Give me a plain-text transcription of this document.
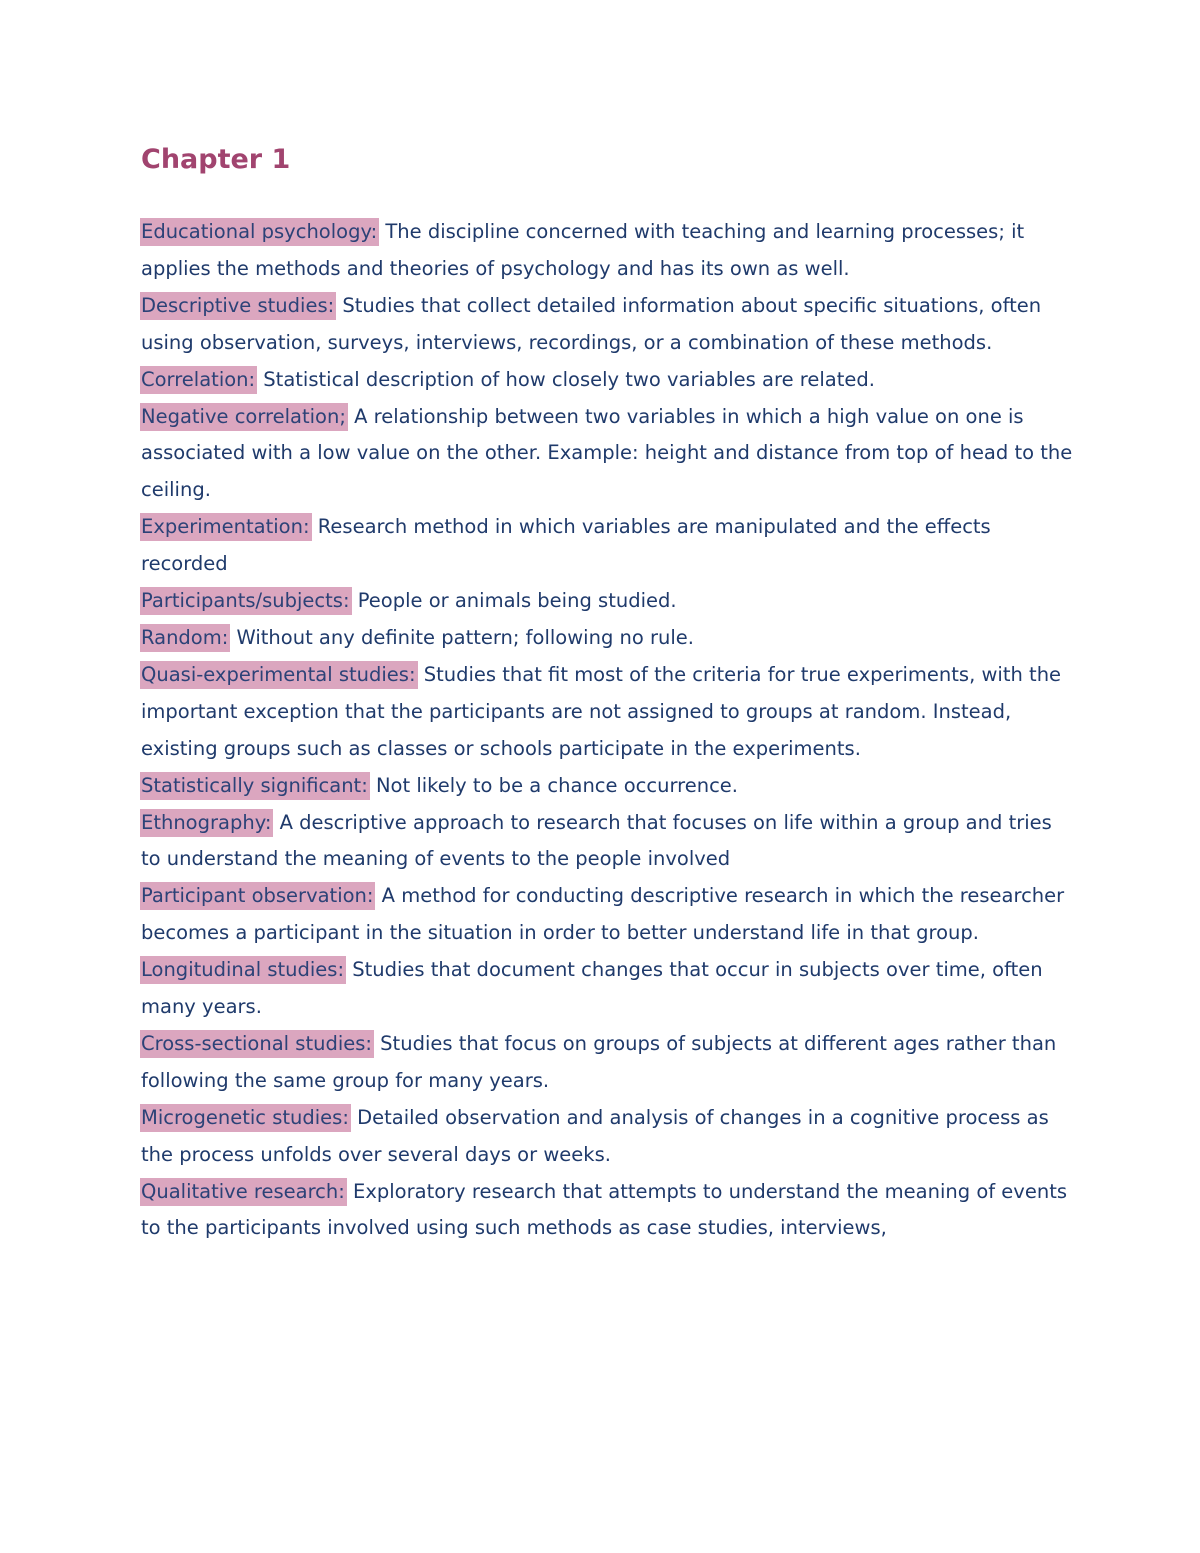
Chapter 1

Educational psychology: The discipline concerned with teaching and learning processes; it applies the methods and theories of psychology and has its own as well.

Descriptive studies: Studies that collect detailed information about specific situations, often using observation, surveys, interviews, recordings, or a combination of these methods.

Correlation: Statistical description of how closely two variables are related.

Negative correlation; A relationship between two variables in which a high value on one is associated with a low value on the other. Example: height and distance from top of head to the ceiling.

Experimentation: Research method in which variables are manipulated and the effects recorded

Participants/subjects: People or animals being studied.

Random: Without any definite pattern; following no rule.

Quasi-experimental studies: Studies that fit most of the criteria for true experiments, with the important exception that the participants are not assigned to groups at random. Instead, existing groups such as classes or schools participate in the experiments.

Statistically significant: Not likely to be a chance occurrence.

Ethnography: A descriptive approach to research that focuses on life within a group and tries to understand the meaning of events to the people involved

Participant observation: A method for conducting descriptive research in which the researcher becomes a participant in the situation in order to better understand life in that group.

Longitudinal studies: Studies that document changes that occur in subjects over time, often many years.

Cross-sectional studies: Studies that focus on groups of subjects at different ages rather than following the same group for many years.

Microgenetic studies: Detailed observation and analysis of changes in a cognitive process as the process unfolds over several days or weeks.

Qualitative research: Exploratory research that attempts to understand the meaning of events to the participants involved using such methods as case studies, interviews,
